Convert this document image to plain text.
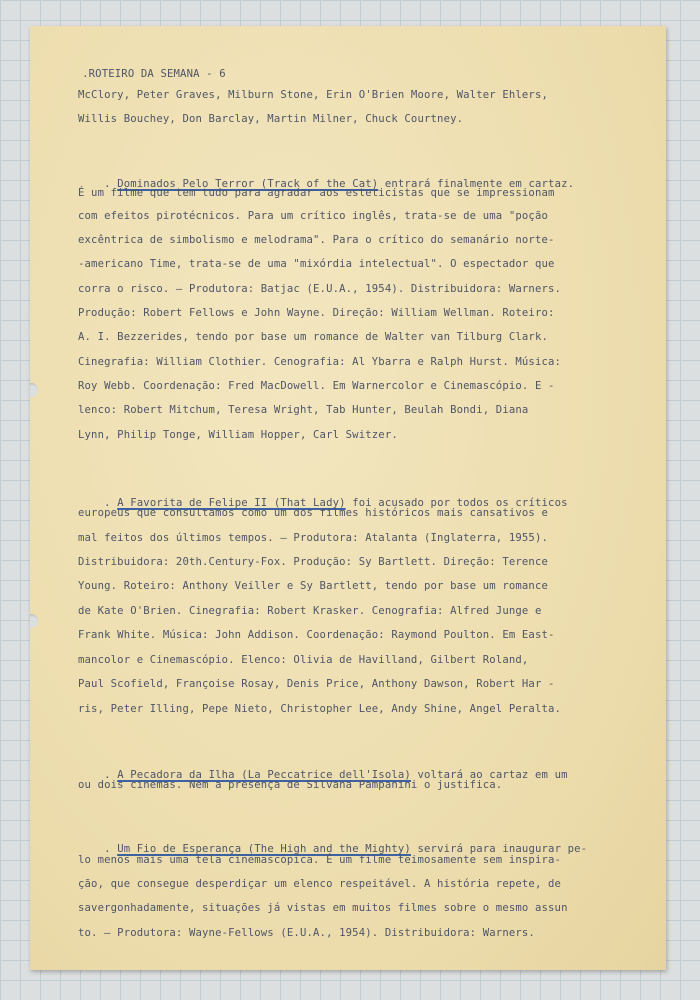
.ROTEIRO DA SEMANA - 6

McClory, Peter Graves, Milburn Stone, Erin O'Brien Moore, Walter Ehlers,
Willis Bouchey, Don Barclay, Martin Milner, Chuck Courtney.

. Dominados Pelo Terror (Track of the Cat) entrará finalmente em cartaz.

É um filme que tem tudo para agradar aos esteticistas que se impressionam
com efeitos pirotécnicos. Para um crítico inglês, trata-se de uma "poção
excêntrica de simbolismo e melodrama". Para o crítico do semanário norte-
-americano Time, trata-se de uma "mixórdia intelectual". O espectador que
corra o risco. — Produtora: Batjac (E.U.A., 1954). Distribuidora: Warners.
Produção: Robert Fellows e John Wayne. Direção: William Wellman. Roteiro:
A. I. Bezzerides, tendo por base um romance de Walter van Tilburg Clark.
Cinegrafia: William Clothier. Cenografia: Al Ybarra e Ralph Hurst. Música:
Roy Webb. Coordenação: Fred MacDowell. Em Warnercolor e Cinemascópio. E -
lenco: Robert Mitchum, Teresa Wright, Tab Hunter, Beulah Bondi, Diana
Lynn, Philip Tonge, William Hopper, Carl Switzer.

. A Favorita de Felipe II (That Lady) foi acusado por todos os críticos

europeus que consultamos como um dos filmes históricos mais cansativos e
mal feitos dos últimos tempos. — Produtora: Atalanta (Inglaterra, 1955).
Distribuidora: 20th.Century-Fox. Produção: Sy Bartlett. Direção: Terence
Young. Roteiro: Anthony Veiller e Sy Bartlett, tendo por base um romance
de Kate O'Brien. Cinegrafia: Robert Krasker. Cenografia: Alfred Junge e
Frank White. Música: John Addison. Coordenação: Raymond Poulton. Em East-
mancolor e Cinemascópio. Elenco: Olivia de Havilland, Gilbert Roland,
Paul Scofield, Françoise Rosay, Denis Price, Anthony Dawson, Robert Har -
ris, Peter Illing, Pepe Nieto, Christopher Lee, Andy Shine, Angel Peralta.

. A Pecadora da Ilha (La Peccatrice dell'Isola) voltará ao cartaz em um

ou dois cinemas. Nem a presença de Silvana Pampanini o justifica.

. Um Fio de Esperança (The High and the Mighty) servirá para inaugurar pe-

lo menos mais uma tela cinemascópica. É um filme teimosamente sem inspira-
ção, que consegue desperdiçar um elenco respeitável. A história repete, de
savergonhadamente, situações já vistas em muitos filmes sobre o mesmo assun
to. — Produtora: Wayne-Fellows (E.U.A., 1954). Distribuidora: Warners.
